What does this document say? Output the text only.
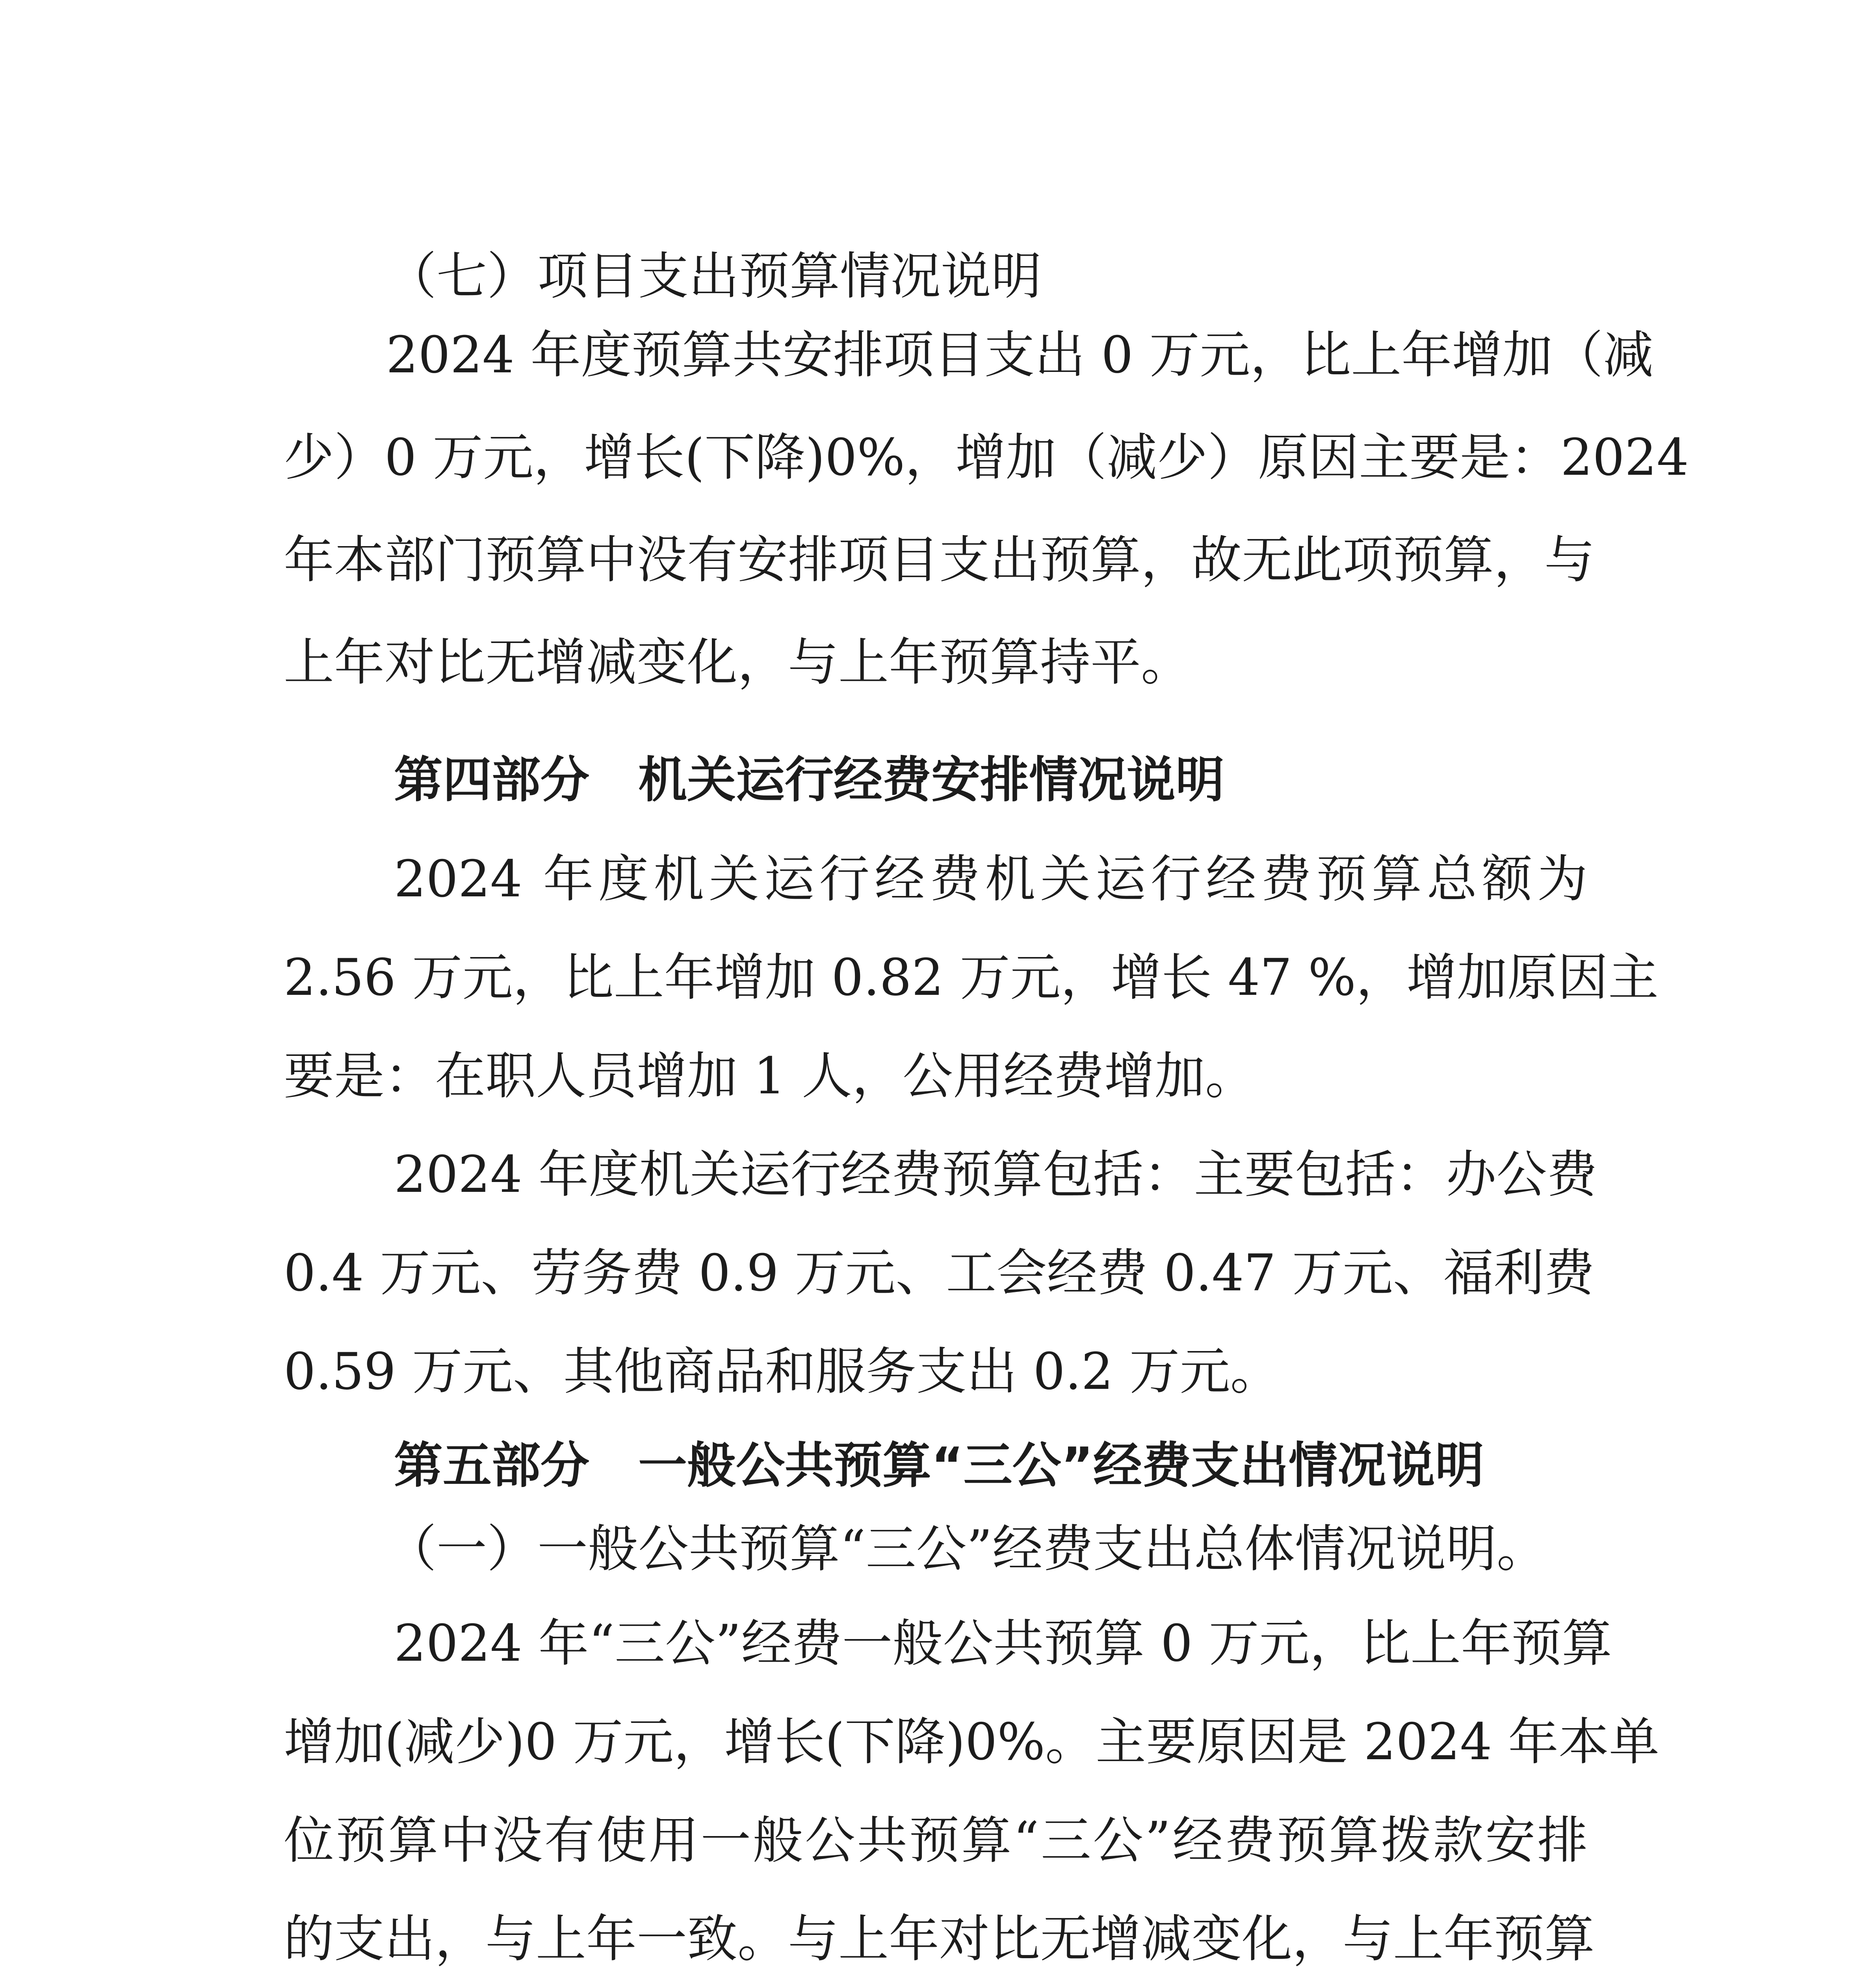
（七）项目支出预算情况说明

2024 年度预算共安排项目支出 0 万元，比上年增加（减

少）0 万元，增长(下降)0%，增加（减少）原因主要是：2024

年本部门预算中没有安排项目支出预算，故无此项预算，与

上年对比无增减变化，与上年预算持平。

第四部分　机关运行经费安排情况说明

2024 年度机关运行经费机关运行经费预算总额为

2.56 万元，比上年增加 0.82 万元，增长 47 %，增加原因主

要是：在职人员增加 1 人，公用经费增加。

2024 年度机关运行经费预算包括：主要包括：办公费

0.4 万元、劳务费 0.9 万元、工会经费 0.47 万元、福利费

0.59 万元、其他商品和服务支出 0.2 万元。

第五部分　一般公共预算“三公”经费支出情况说明

（一）一般公共预算“三公”经费支出总体情况说明。

2024 年“三公”经费一般公共预算 0 万元，比上年预算

增加(减少)0 万元，增长(下降)0%。主要原因是 2024 年本单

位预算中没有使用一般公共预算“三公”经费预算拨款安排

的支出，与上年一致。与上年对比无增减变化，与上年预算
